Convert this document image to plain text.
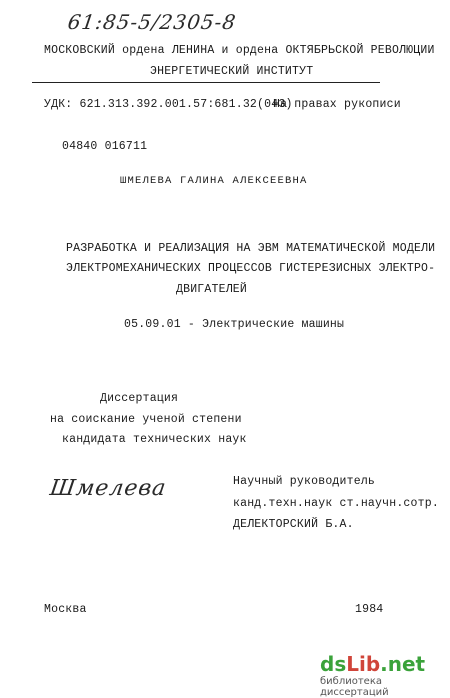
61:85-5/2305-8
МОСКОВСКИЙ ордена ЛЕНИНА и ордена ОКТЯБРЬСКОЙ РЕВОЛЮЦИИ
ЭНЕРГЕТИЧЕСКИЙ ИНСТИТУТ
УДК: 621.313.392.001.57:681.32(043)
На правах рукописи
04840 016711
ШМЕЛЕВА ГАЛИНА АЛЕКСЕЕВНА
РАЗРАБОТКА И РЕАЛИЗАЦИЯ НА ЭВМ МАТЕМАТИЧЕСКОЙ МОДЕЛИ
ЭЛЕКТРОМЕХАНИЧЕСКИХ ПРОЦЕССОВ ГИСТЕРЕЗИСНЫХ ЭЛЕКТРО-
ДВИГАТЕЛЕЙ
05.09.01 - Электрические машины
Диссертация
на соискание ученой степени
кандидата технических наук
Шмелева	Научный руководитель
канд.техн.наук ст.научн.сотр.
ДЕЛЕКТОРСКИЙ Б.А.
Москва	1984
dsLib.net
библиотека диссертаций
